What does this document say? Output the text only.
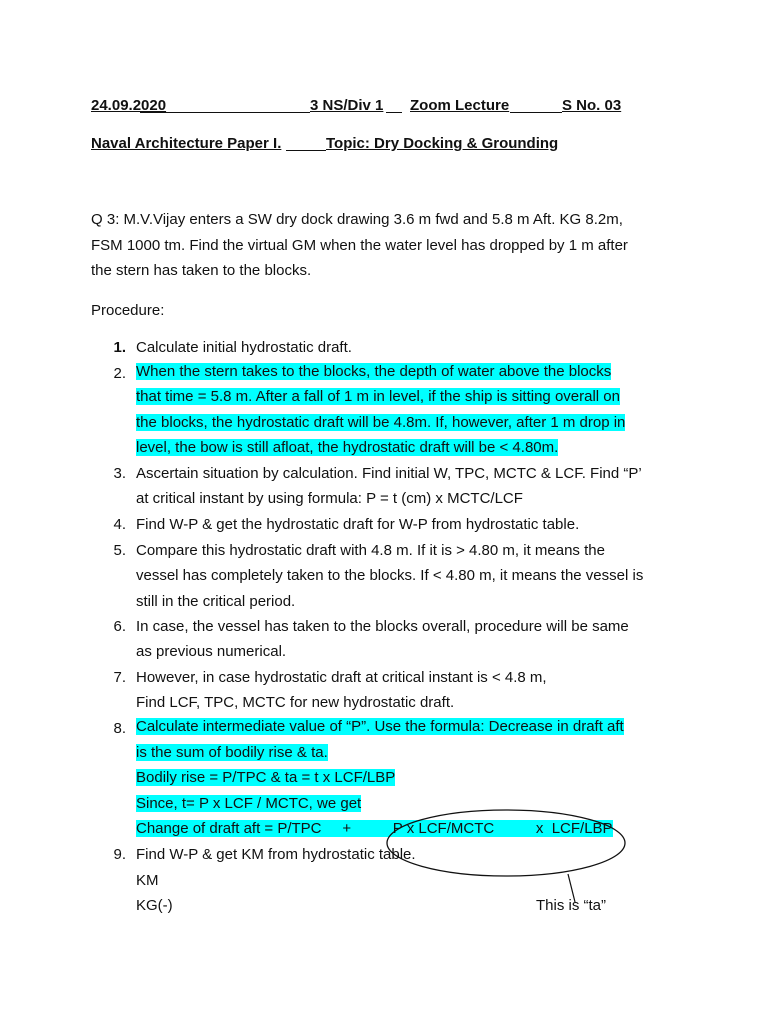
24.09.2020	3 NS/Div 1 Zoom Lecture	S No. 03
Naval Architecture Paper I.	Topic: Dry Docking & Grounding
Q 3: M.V.Vijay enters a SW dry dock drawing 3.6 m fwd and 5.8 m Aft. KG 8.2m,
FSM 1000 tm. Find the virtual GM when the water level has dropped by 1 m after
the stern has taken to the blocks.
Procedure:
1. Calculate initial hydrostatic draft.
2. When the stern takes to the blocks, the depth of water above the blocks
that time = 5.8 m. After a fall of 1 m in level, if the ship is sitting overall on
the blocks, the hydrostatic draft will be 4.8m. If, however, after 1 m drop in
level, the bow is still afloat, the hydrostatic draft will be < 4.80m.
3. Ascertain situation by calculation. Find initial W, TPC, MCTC & LCF. Find “P’
at critical instant by using formula: P = t (cm) x MCTC/LCF
4. Find W-P & get the hydrostatic draft for W-P from hydrostatic table.
5. Compare this hydrostatic draft with 4.8 m. If it is > 4.80 m, it means the
vessel has completely taken to the blocks. If < 4.80 m, it means the vessel is
still in the critical period.
6. In case, the vessel has taken to the blocks overall, procedure will be same
as previous numerical.
7. However, in case hydrostatic draft at critical instant is < 4.8 m,
Find LCF, TPC, MCTC for new hydrostatic draft.
8. Calculate intermediate value of “P”. Use the formula: Decrease in draft aft
is the sum of bodily rise & ta.
Bodily rise = P/TPC & ta = t x LCF/LBP
Since, t= P x LCF / MCTC, we get
Change of draft aft = P/TPC     +          P x LCF/MCTC          x  LCF/LBP
9. Find W-P & get KM from hydrostatic table.
KM
KG(-)	This is “ta”
